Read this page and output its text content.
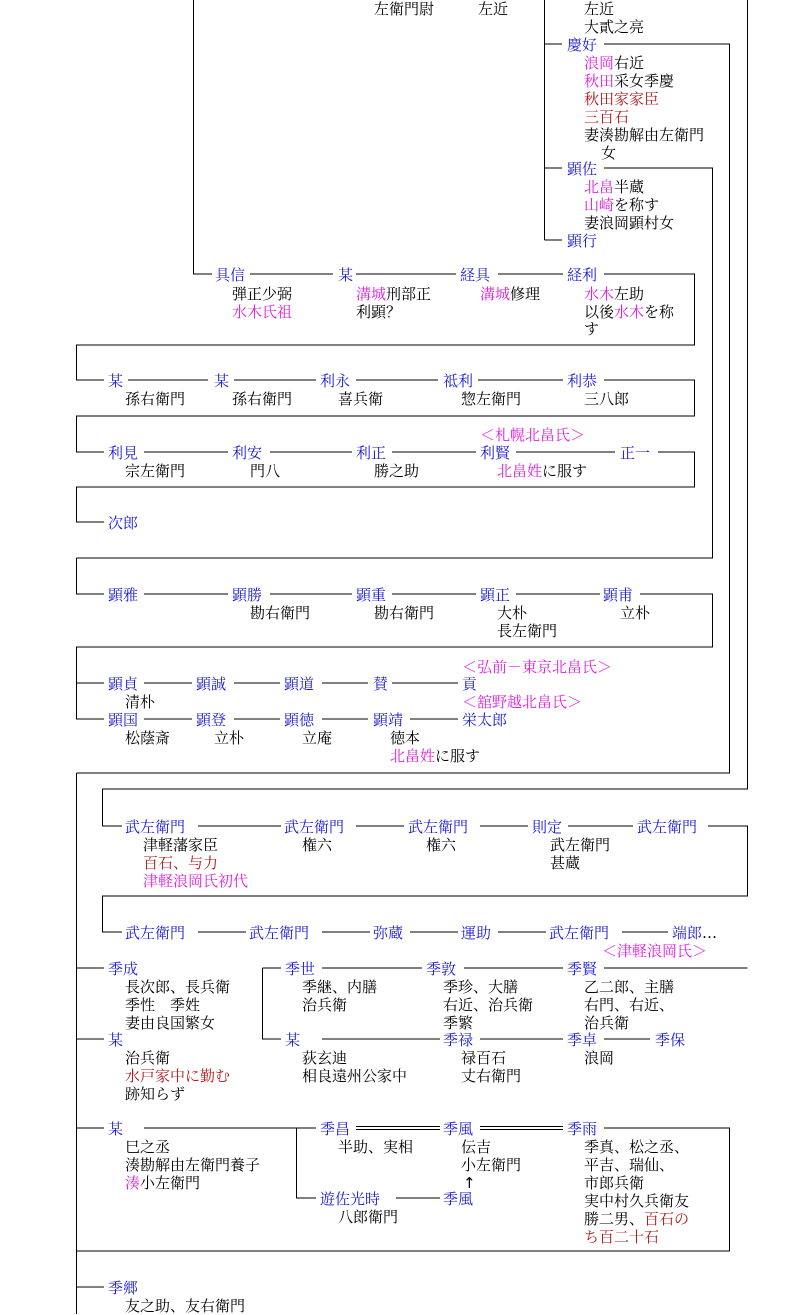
左衛門尉	左近	左近
大貳之亮
慶好
浪岡右近
秋田采女季慶
秋田家家臣
三百石
妻湊勘解由左衛門
女
顕佐
北畠半蔵
山崎を称す
妻浪岡顕村女
顕行
具信
弾正少弼
水木氏祖
某
溝城刑部正
利顕？
経具
溝城修理
経利
水木左助
以後水木を称
す
某
孫右衛門
某
孫右衛門
利永
喜兵衛
祗利
惣左衛門
利恭
三八郎
＜札幌北畠氏＞
利見
宗左衛門
利安
門八
利正
勝之助
利賢
北畠姓に服す
正一
次郎
顕雅	顕勝
勘右衛門
顕重
勘右衛門
顕正
大朴
長左衛門
顕甫
立朴
＜弘前－東京北畠氏＞
顕貞
清朴
顕誠	顕道	賛	貢
＜舘野越北畠氏＞
顕国
松蔭斎
顕登
立朴
顕徳
立庵
顕靖
徳本
北畠姓に服す
栄太郎
武左衛門
津軽藩家臣
百石、与力
津軽浪岡氏初代
武左衛門
権六
武左衛門
権六
則定
武左衛門
甚蔵
武左衛門
武左衛門	武左衛門	弥蔵	運助	武左衛門	端郎…
＜津軽浪岡氏＞
季成
長次郎、長兵衛
季性　季姓
妻由良国繁女
季世
季継、内膳
治兵衛
季敦
季珍、大膳
右近、治兵衛
季繁
季賢
乙二郎、主膳
右門、右近、
治兵衛
某
治兵衛
水戸家中に勤む
跡知らず
某
荻玄迪
相良遠州公家中
季禄
禄百石
丈右衛門
季卓
浪岡
季保
某
巳之丞
湊勘解由左衛門養子
湊小左衛門
季昌
半助、実相
季風
伝吉
小左衛門
↑
季雨
季真、松之丞、
平吉、瑞仙、
市郎兵衛
実中村久兵衛友
勝二男、百石の
ち百二十石
遊佐光時
八郎衛門
季風
季郷
友之助、友右衛門
